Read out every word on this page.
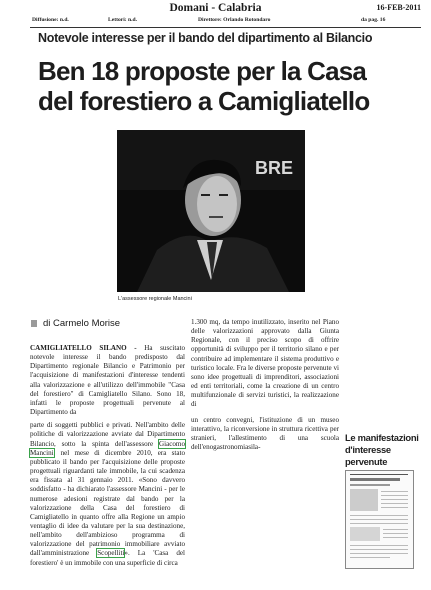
Domani - Calabria	16-FEB-2011
Diffusione: n.d.	Lettori: n.d.	Direttore: Orlando Rotondaro	da pag. 16
Notevole interesse per il bando del dipartimento al Bilancio
Ben 18 proposte per la Casa
del forestiero a Camigliatello
BRE
L'assessore regionale Mancini
di Carmelo Morise

CAMIGLIATELLO SILANO - Ha suscitato notevole interesse il bando predisposto dal Dipartimento regionale Bilancio e Patrimonio per l'acquisizione di manifestazioni d'interesse tendenti alla valorizzazione e all'utilizzo dell'immobile "Casa del forestiero" di Camigliatello Silano. Sono 18, infatti le proposte progettuali pervenute al Dipartimento da

parte di soggetti pubblici e privati. Nell'ambito delle politiche di valorizzazione avviate dal Dipartimento Bilancio, sotto la spinta dell'assessore Giacomo Mancini, nel mese di dicembre 2010, era stato pubblicato il bando per l'acquisizione delle proposte progettuali riguardanti tale immobile, la cui scadenza era fissata al 31 gennaio 2011. «Sono davvero soddisfatto - ha dichiarato l'assessore Mancini - per le numerose adesioni registrate dal bando per la valorizzazione della Casa del forestiero di Camigliatello in quanto offre alla Regione un ampio ventaglio di idee da valutare per la sua destinazione, nell'ambito dell'ambizioso programma di valorizzazione del patrimonio immobiliare avviato dall'amministrazione Scopelliti». La 'Casa del forestiero' è un immobile con una superficie di circa

1.300 mq, da tempo inutilizzato, inserito nel Piano delle valorizzazioni approvato dalla Giunta Regionale, con il preciso scopo di offrire opportunità di sviluppo per il territorio silano e per contribuire ad implementare il sistema produttivo e turistico locale. Fra le diverse proposte pervenute vi sono idee progettuali di imprenditori, associazioni ed enti territoriali, come la creazione di un centro multifunzionale di servizi turistici, la realizzazione di

un centro convegni, l'istituzione di un museo interattivo, la riconversione in struttura ricettiva per stranieri, l'allestimento di una scuola dell'enogastronomiasila-

Le manifestazioni
d'interesse pervenute
